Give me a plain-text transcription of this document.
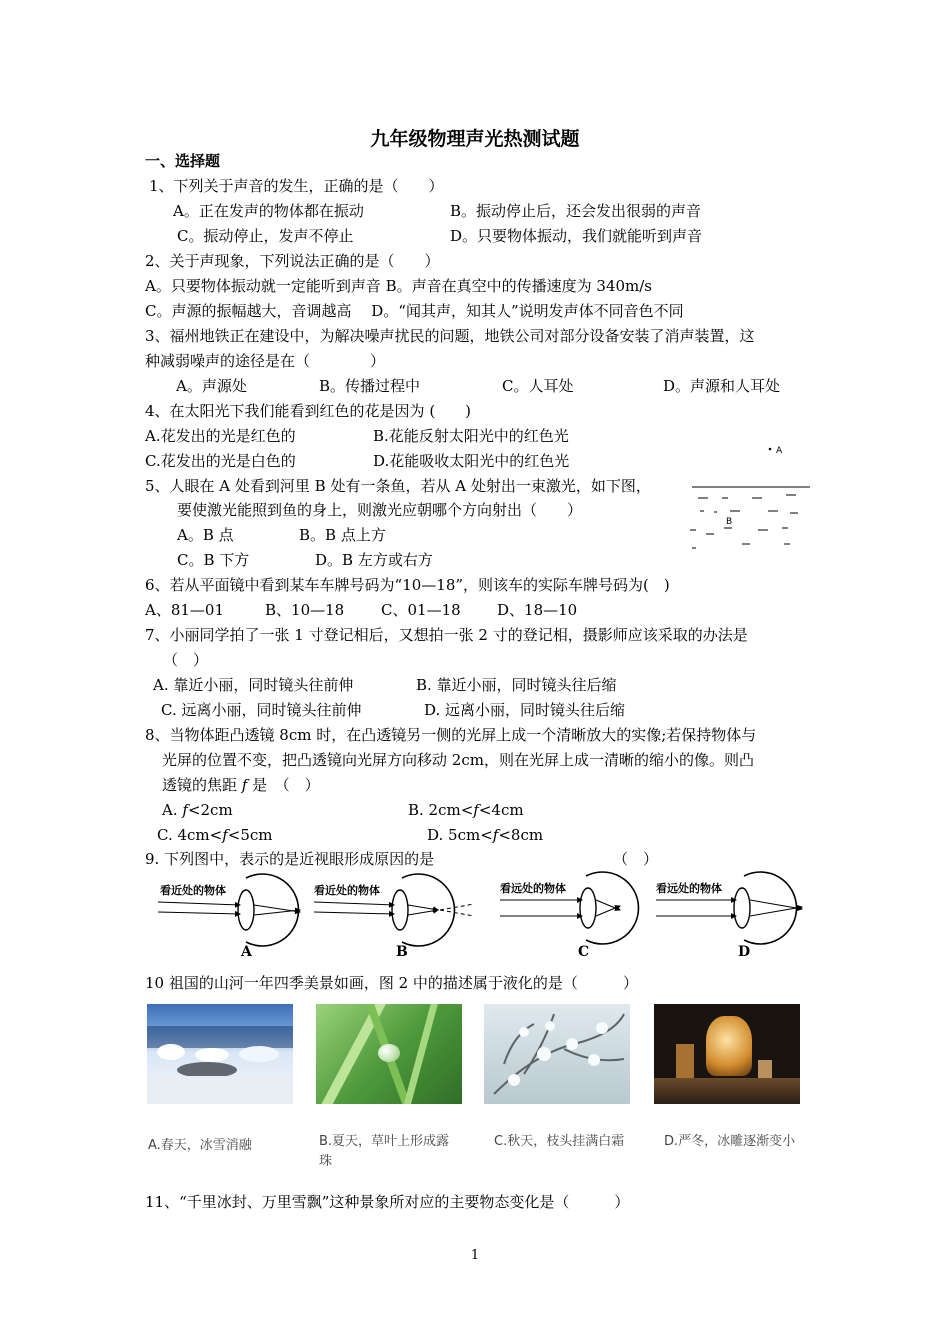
九年级物理声光热测试题
一、选择题
1、下列关于声音的发生，正确的是（　　）
A。正在发声的物体都在振动	B。振动停止后，还会发出很弱的声音
C。振动停止，发声不停止	D。只要物体振动，我们就能听到声音
2、关于声现象，下列说法正确的是（　　）
A。只要物体振动就一定能听到声音 B。声音在真空中的传播速度为 340m/s
C。声源的振幅越大，音调越高　 D。“闻其声，知其人”说明发声体不同音色不同
3、福州地铁正在建设中，为解决噪声扰民的问题，地铁公司对部分设备安装了消声装置，这
种减弱噪声的途径是在（　　　　）
A。声源处	B。传播过程中	C。人耳处	D。声源和人耳处
4、在太阳光下我们能看到红色的花是因为 (　　)
A.花发出的光是红色的	B.花能反射太阳光中的红色光
C.花发出的光是白色的	D.花能吸收太阳光中的红色光
5、人眼在 A 处看到河里 B 处有一条鱼，若从 A 处射出一束激光，如下图，
要使激光能照到鱼的身上，则激光应朝哪个方向射出（　　）
A。B 点	B。B 点上方
C。B 下方	D。B 左方或右方
A
B
6、若从平面镜中看到某车车牌号码为“10—18”，则该车的实际车牌号码为(　)
A、81—01	B、10—18 C、01—18 D、18—10
7、小丽同学拍了一张 1 寸登记相后，又想拍一张 2 寸的登记相，摄影师应该采取的办法是
（　）
A. 靠近小丽，同时镜头往前伸	B. 靠近小丽，同时镜头往后缩
C. 远离小丽，同时镜头往前伸	D. 远离小丽，同时镜头往后缩
8、当物体距凸透镜 8cm 时，在凸透镜另一侧的光屏上成一个清晰放大的实像;若保持物体与
光屏的位置不变，把凸透镜向光屏方向移动 2cm，则在光屏上成一清晰的缩小的像。则凸
透镜的焦距 f 是　（　）
A. f<2cm	B. 2cm<f<4cm
C. 4cm<f<5cm	D. 5cm<f<8cm
9. 下列图中，表示的是近视眼形成原因的是	（　）
看近处的物体
A
看近处的物体
B
看远处的物体
C
看远处的物体
D
10 祖国的山河一年四季美景如画，图 2 中的描述属于液化的是（　　　）
A.春天，冰雪消融	B.夏天，草叶上形成露珠
C.秋天，枝头挂满白霜	D.严冬，冰雕逐渐变小
11、“千里冰封、万里雪飘”这种景象所对应的主要物态变化是（　　　）
1
